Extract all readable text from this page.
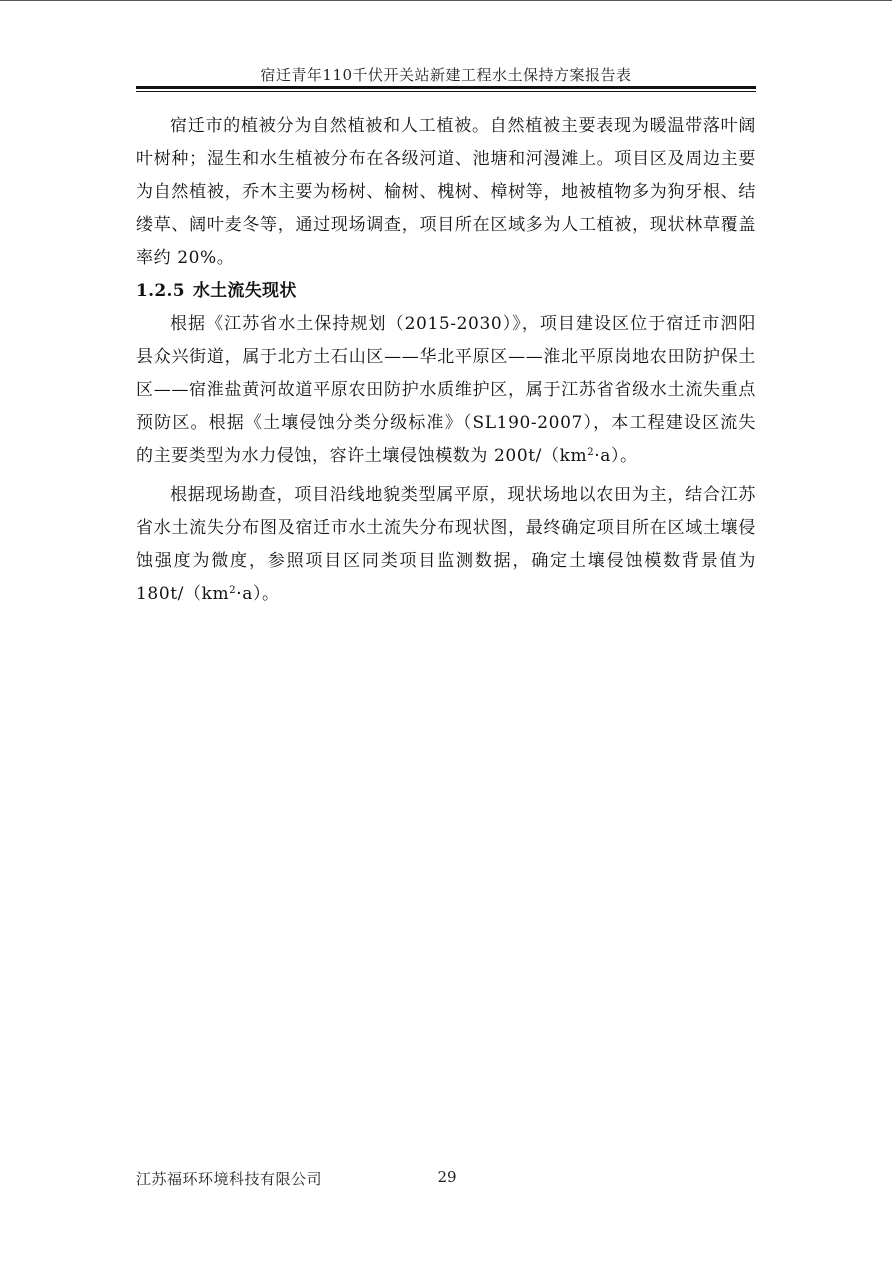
宿迁青年110千伏开关站新建工程水土保持方案报告表

宿迁市的植被分为自然植被和人工植被。自然植被主要表现为暖温带落叶阔叶树种；湿生和水生植被分布在各级河道、池塘和河漫滩上。项目区及周边主要为自然植被，乔木主要为杨树、榆树、槐树、樟树等，地被植物多为狗牙根、结缕草、阔叶麦冬等，通过现场调查，项目所在区域多为人工植被，现状林草覆盖率约 20%。

1.2.5 水土流失现状

根据《江苏省水土保持规划（2015-2030）》，项目建设区位于宿迁市泗阳县众兴街道，属于北方土石山区——华北平原区——淮北平原岗地农田防护保土区——宿淮盐黄河故道平原农田防护水质维护区，属于江苏省省级水土流失重点预防区。根据《土壤侵蚀分类分级标准》（SL190-2007），本工程建设区流失的主要类型为水力侵蚀，容许土壤侵蚀模数为 $200t/(km^2\cdot a)$。

根据现场勘查，项目沿线地貌类型属平原，现状场地以农田为主，结合江苏省水土流失分布图及宿迁市水土流失分布现状图，最终确定项目所在区域土壤侵蚀强度为微度，参照项目区同类项目监测数据，确定土壤侵蚀模数背景值为 $180t/(km^2\cdot a)$。

江苏福环环境科技有限公司	29
